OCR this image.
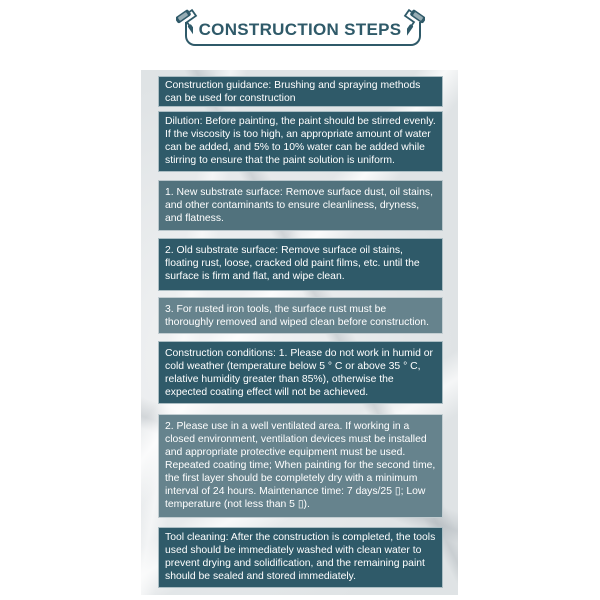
CONSTRUCTION STEPS
Construction guidance: Brushing and spraying methods can be used for construction
Dilution: Before painting, the paint should be stirred evenly. If the viscosity is too high, an appropriate amount of water can be added, and 5% to 10% water can be added while stirring to ensure that the paint solution is uniform.
1. New substrate surface: Remove surface dust, oil stains, and other contaminants to ensure cleanliness, dryness, and flatness.
2. Old substrate surface: Remove surface oil stains, floating rust, loose, cracked old paint films, etc. until the surface is firm and flat, and wipe clean.
3. For rusted iron tools, the surface rust must be thoroughly removed and wiped clean before construction.
Construction conditions: 1. Please do not work in humid or cold weather (temperature below 5 ° C or above 35 ° C, relative humidity greater than 85%), otherwise the expected coating effect will not be achieved.
2. Please use in a well ventilated area. If working in a closed environment, ventilation devices must be installed and appropriate protective equipment must be used. Repeated coating time; When painting for the second time, the first layer should be completely dry with a minimum interval of 24 hours. Maintenance time: 7 days/25 ▯; Low temperature (not less than 5 ▯).
Tool cleaning: After the construction is completed, the tools used should be immediately washed with clean water to prevent drying and solidification, and the remaining paint should be sealed and stored immediately.
